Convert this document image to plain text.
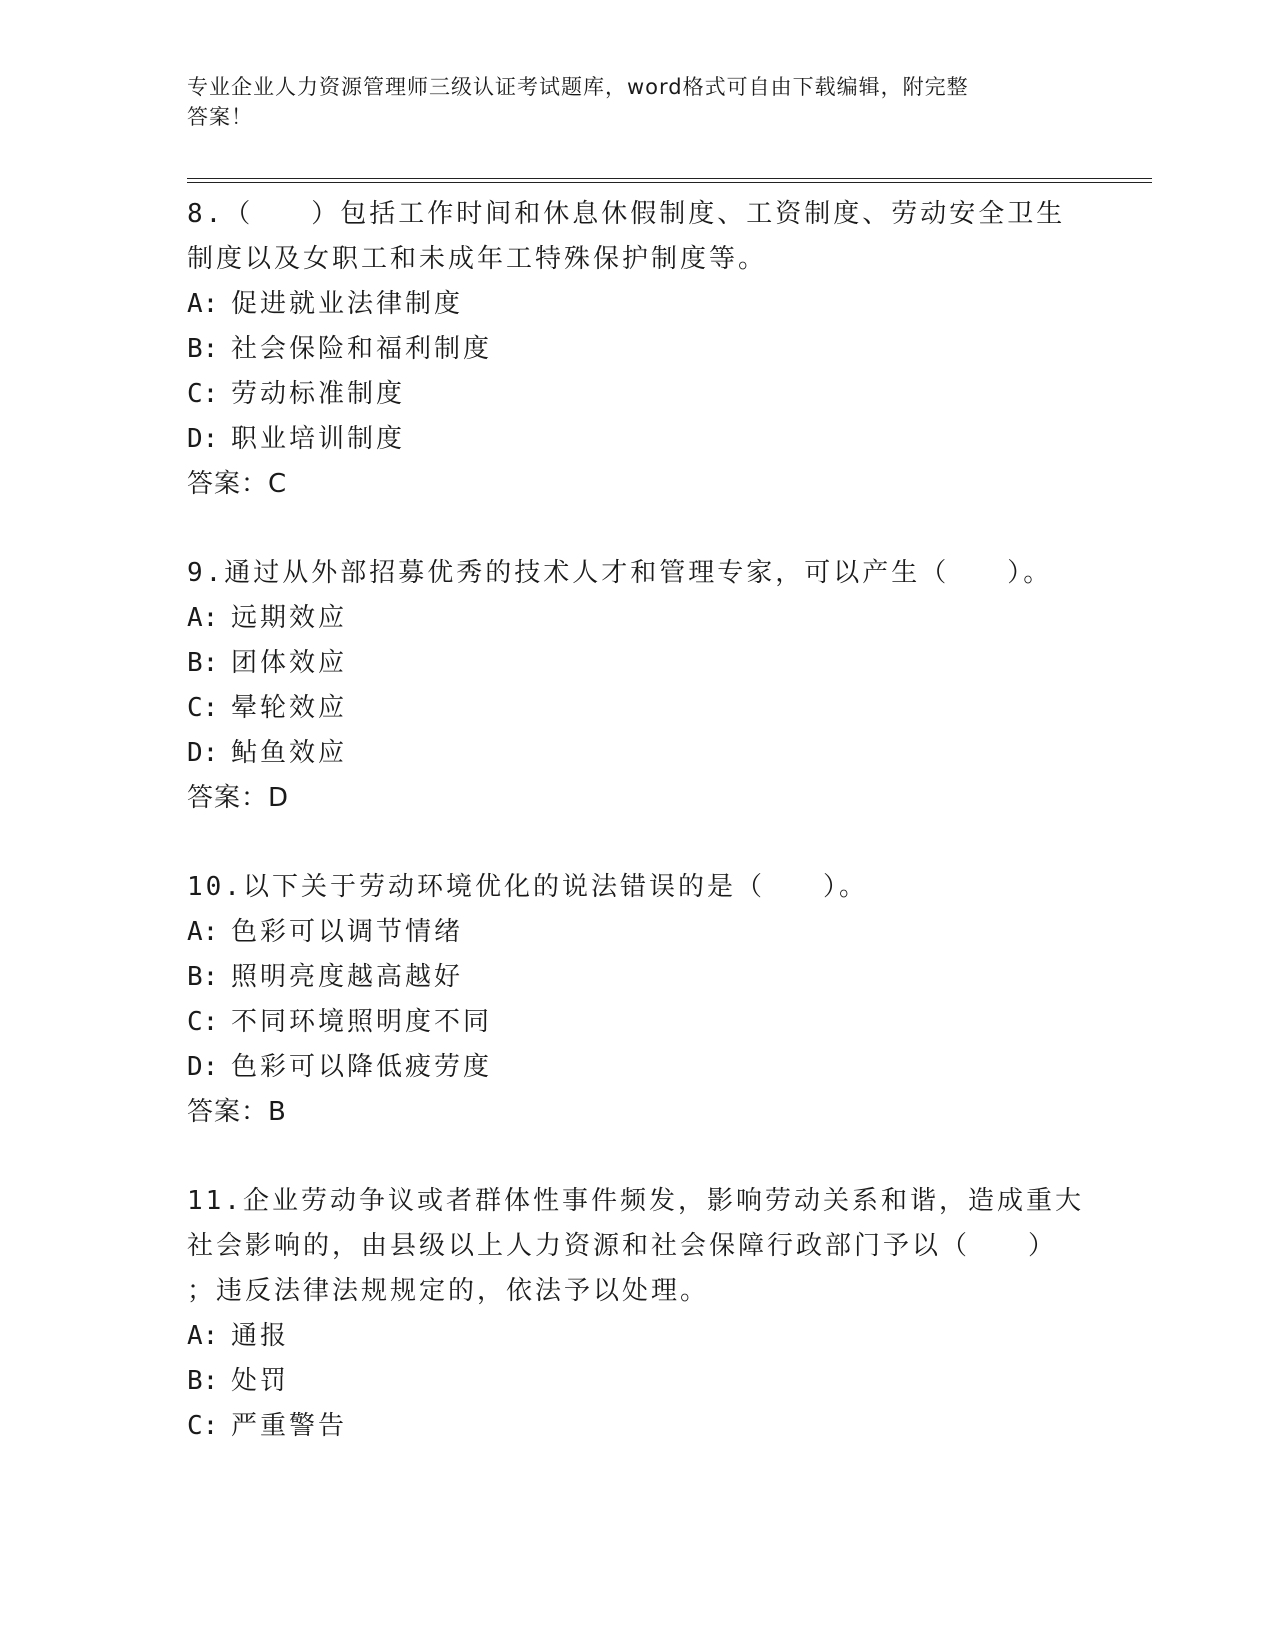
专业企业人力资源管理师三级认证考试题库，word格式可自由下载编辑，附完整
答案！
8.（　　）包括工作时间和休息休假制度、工资制度、劳动安全卫生
制度以及女职工和未成年工特殊保护制度等。
A: 促进就业法律制度
B: 社会保险和福利制度
C: 劳动标准制度
D: 职业培训制度
答案：C
9.通过从外部招募优秀的技术人才和管理专家，可以产生（　　）。
A: 远期效应
B: 团体效应
C: 晕轮效应
D: 鲇鱼效应
答案：D
10.以下关于劳动环境优化的说法错误的是（　　）。
A: 色彩可以调节情绪
B: 照明亮度越高越好
C: 不同环境照明度不同
D: 色彩可以降低疲劳度
答案：B
11.企业劳动争议或者群体性事件频发，影响劳动关系和谐，造成重大
社会影响的，由县级以上人力资源和社会保障行政部门予以（　　）
；违反法律法规规定的，依法予以处理。
A: 通报
B: 处罚
C: 严重警告
